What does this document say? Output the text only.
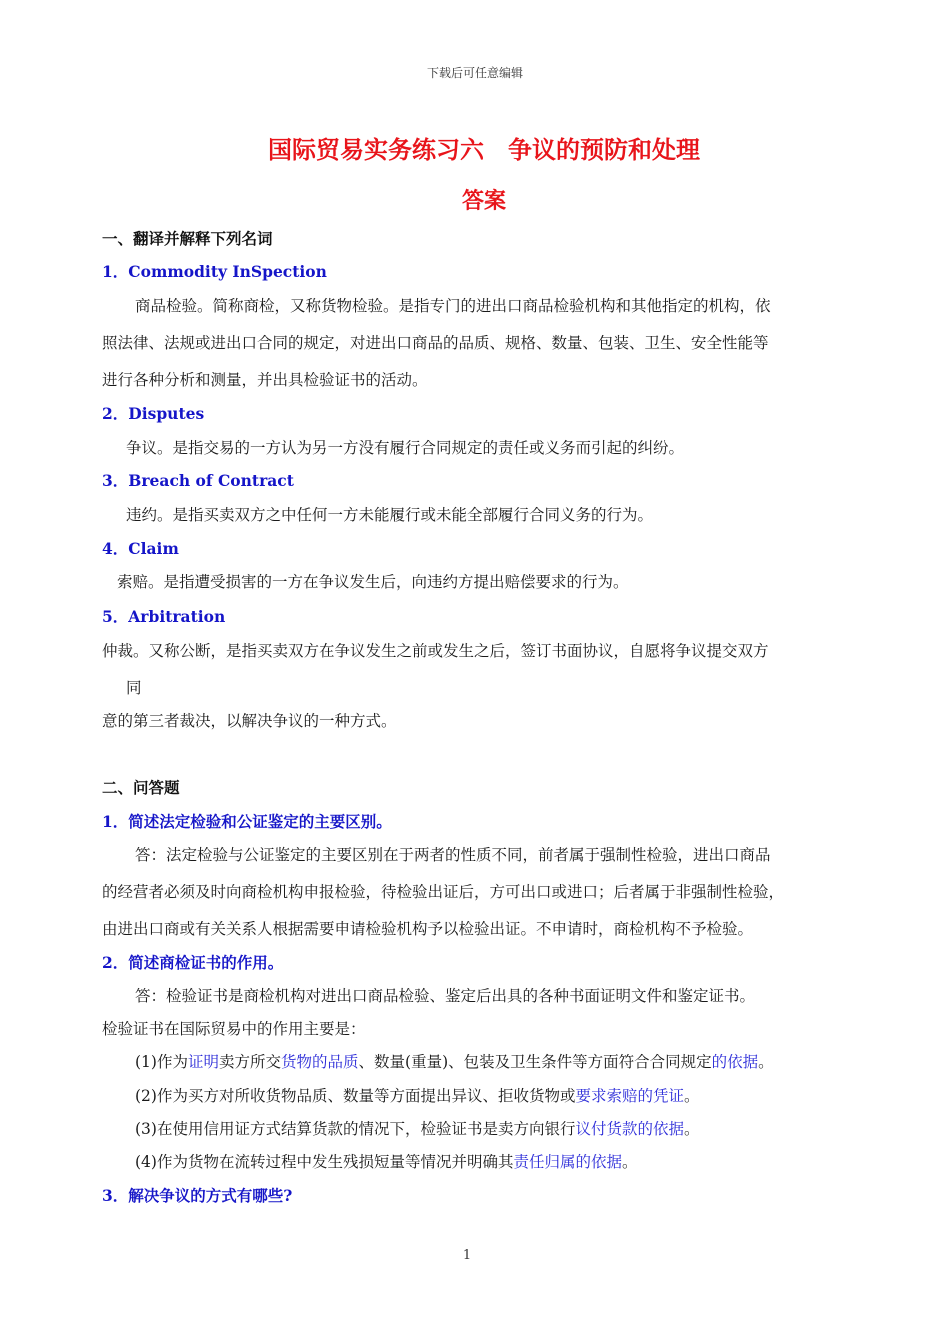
下载后可任意编辑
国际贸易实务练习六　争议的预防和处理
答案
一、翻译并解释下列名词
1．Commodity InSpection
商品检验。简称商检，又称货物检验。是指专门的进出口商品检验机构和其他指定的机构，依
照法律、法规或进出口合同的规定，对进出口商品的品质、规格、数量、包装、卫生、安全性能等
进行各种分析和测量，并出具检验证书的活动。
2．Disputes
争议。是指交易的一方认为另一方没有履行合同规定的责任或义务而引起的纠纷。
3．Breach of Contract
违约。是指买卖双方之中任何一方未能履行或未能全部履行合同义务的行为。
4．Claim
索赔。是指遭受损害的一方在争议发生后，向违约方提出赔偿要求的行为。
5．Arbitration
仲裁。又称公断，是指买卖双方在争议发生之前或发生之后，签订书面协议，自愿将争议提交双方
同
意的第三者裁决，以解决争议的一种方式。
二、问答题
1．简述法定检验和公证鉴定的主要区别。
答：法定检验与公证鉴定的主要区别在于两者的性质不同，前者属于强制性检验，进出口商品
的经营者必须及时向商检机构申报检验，待检验出证后，方可出口或进口；后者属于非强制性检验，
由进出口商或有关关系人根据需要申请检验机构予以检验出证。不申请时，商检机构不予检验。
2．简述商检证书的作用。
答：检验证书是商检机构对进出口商品检验、鉴定后出具的各种书面证明文件和鉴定证书。
检验证书在国际贸易中的作用主要是：
(1)作为证明卖方所交货物的品质、数量(重量)、包装及卫生条件等方面符合合同规定的依据。
(2)作为买方对所收货物品质、数量等方面提出异议、拒收货物或要求索赔的凭证。
(3)在使用信用证方式结算货款的情况下，检验证书是卖方向银行议付货款的依据。
(4)作为货物在流转过程中发生残损短量等情况并明确其责任归属的依据。
3．解决争议的方式有哪些?
1
